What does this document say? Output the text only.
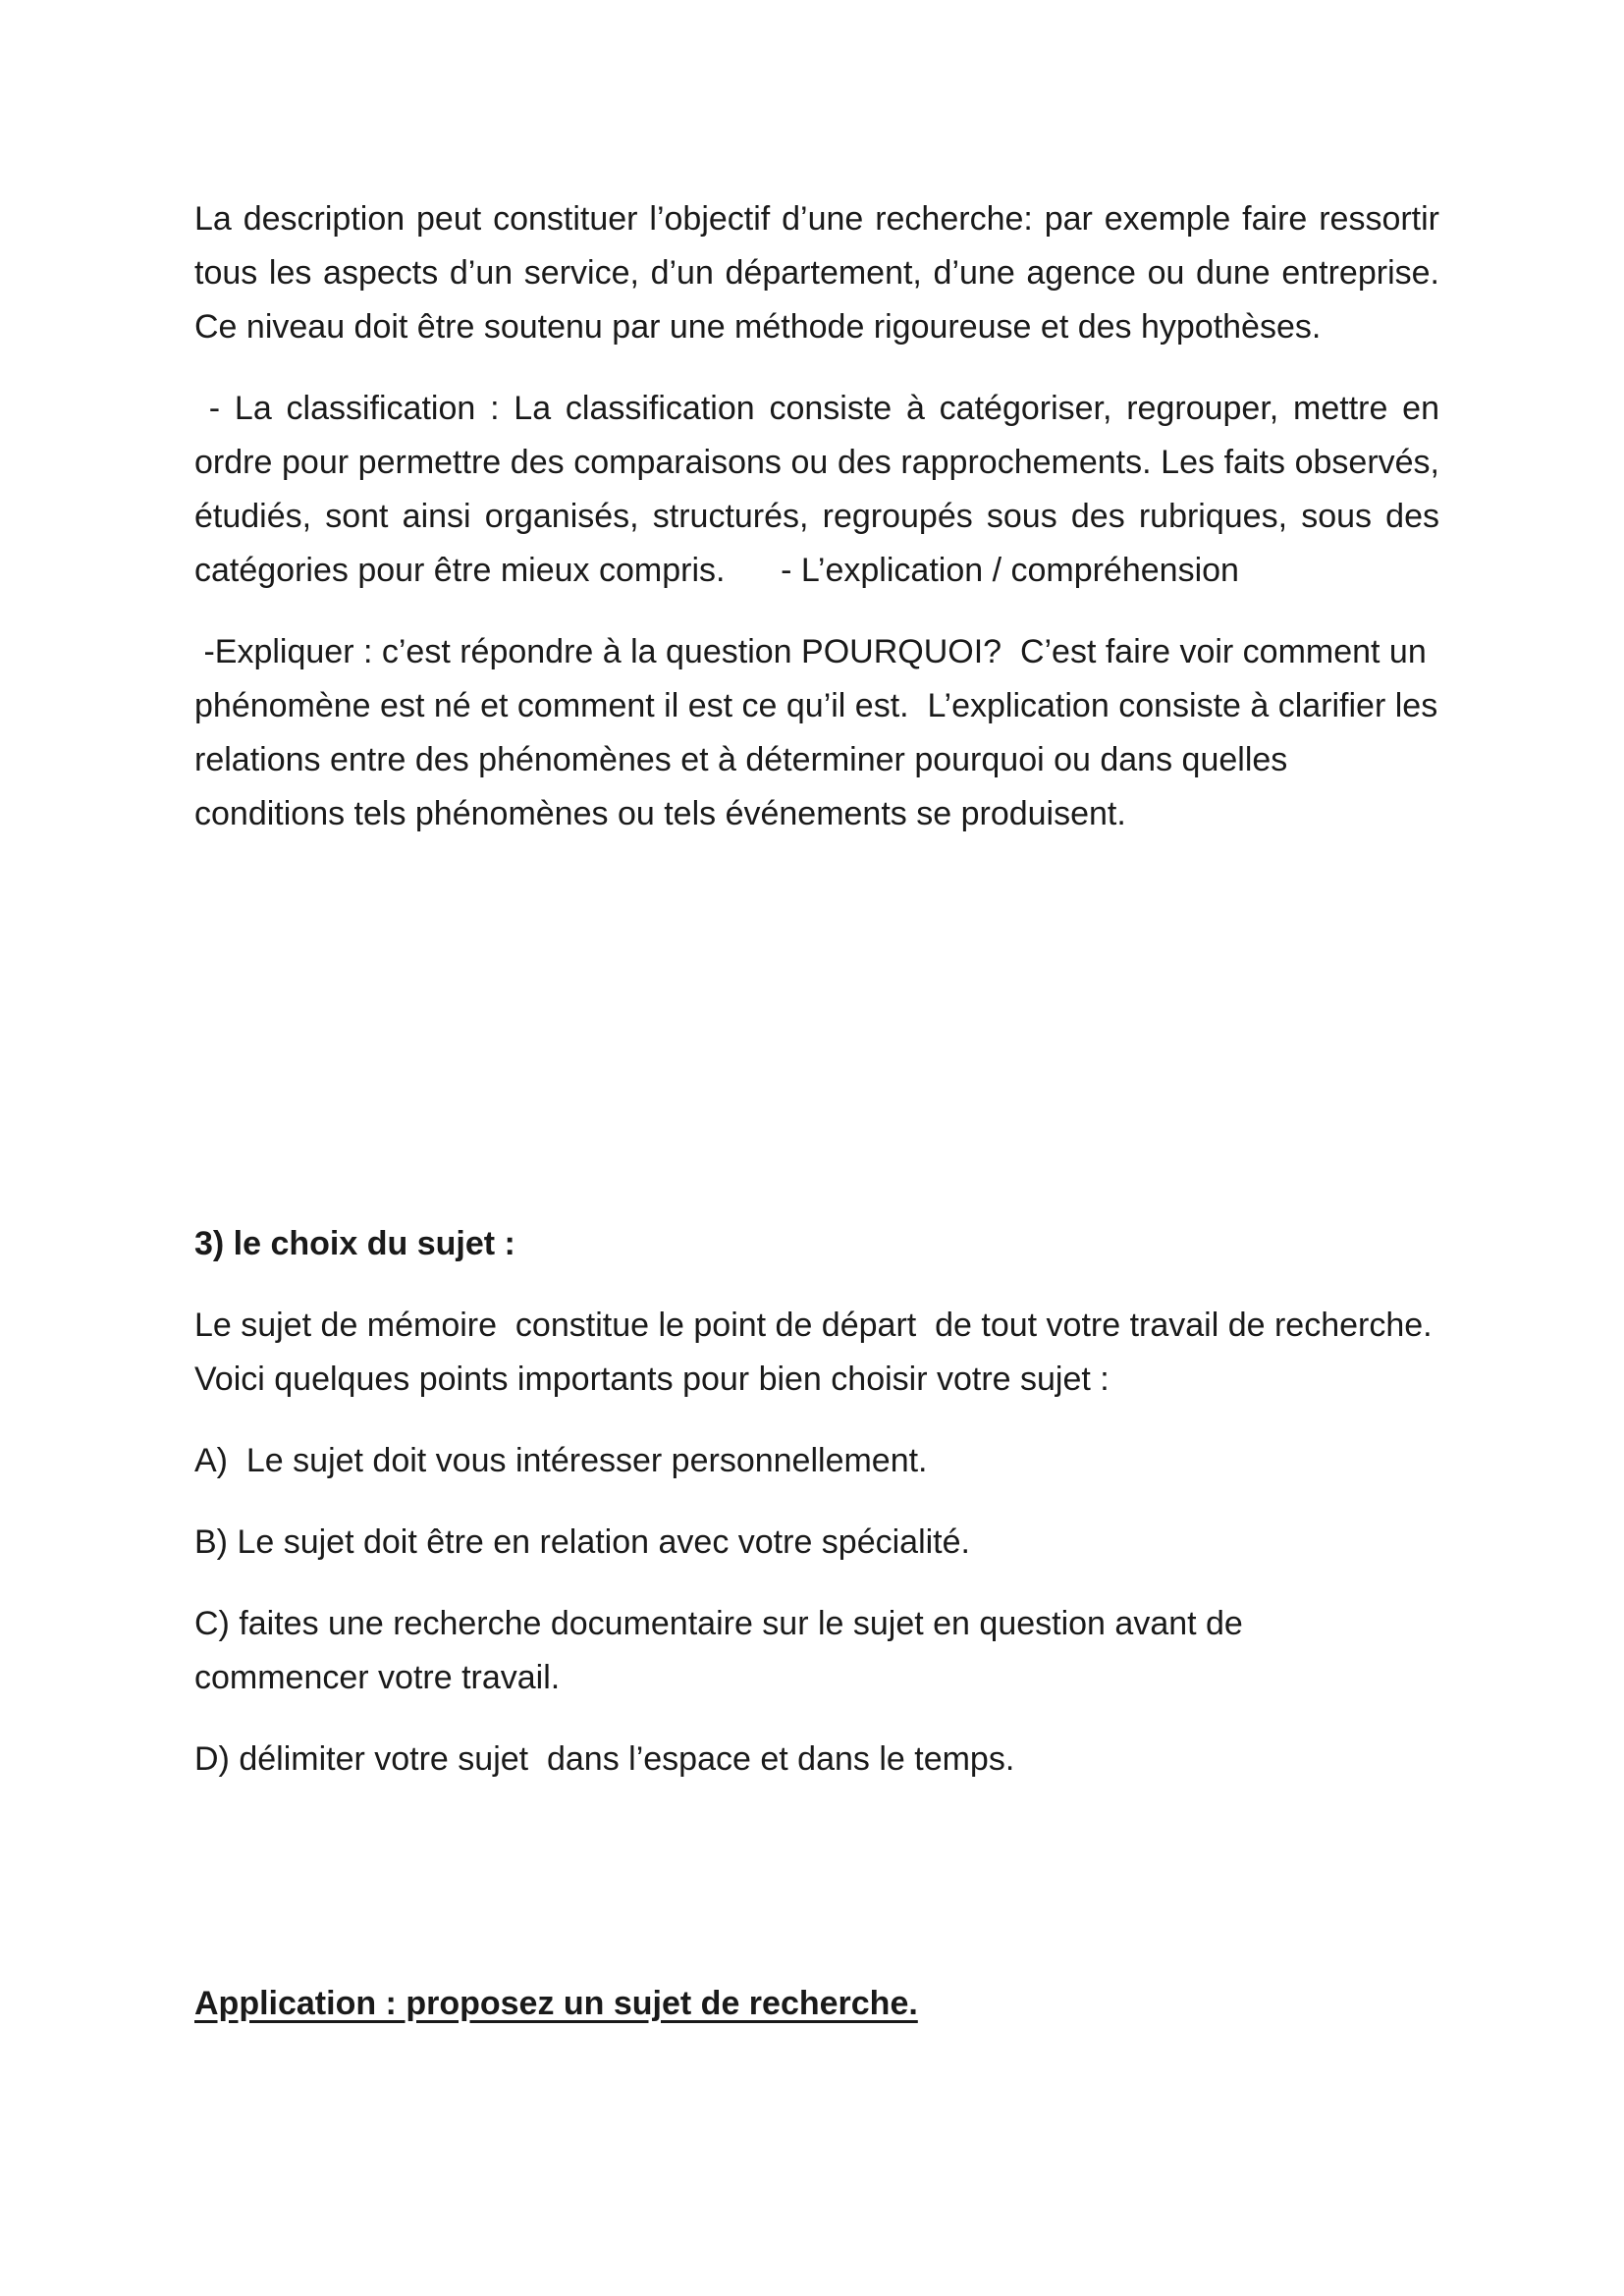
La description peut constituer l’objectif d’une recherche: par exemple faire ressortir tous les aspects d’un service, d’un département, d’une agence ou dune entreprise. Ce niveau doit être soutenu par une méthode rigoureuse et des hypothèses.

- La classification : La classification consiste à catégoriser, regrouper, mettre en ordre pour permettre des comparaisons ou des rapprochements. Les faits observés, étudiés, sont ainsi organisés, structurés, regroupés sous des rubriques, sous des catégories pour être mieux compris.      - L’explication / compréhension

-Expliquer : c’est répondre à la question POURQUOI?  C’est faire voir comment un phénomène est né et comment il est ce qu’il est.  L’explication consiste à clarifier les relations entre des phénomènes et à déterminer pourquoi ou dans quelles conditions tels phénomènes ou tels événements se produisent.

3) le choix du sujet :

Le sujet de mémoire  constitue le point de départ  de tout votre travail de recherche. Voici quelques points importants pour bien choisir votre sujet :

A)  Le sujet doit vous intéresser personnellement.

B) Le sujet doit être en relation avec votre spécialité.

C) faites une recherche documentaire sur le sujet en question avant de commencer votre travail.

D) délimiter votre sujet  dans l’espace et dans le temps.

Application : proposez un sujet de recherche.
